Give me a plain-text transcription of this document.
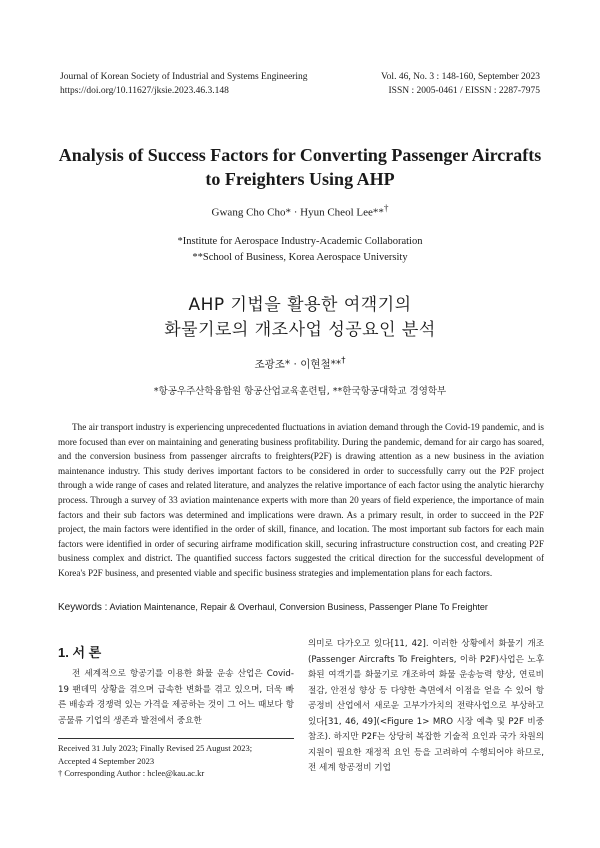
Journal of Korean Society of Industrial and Systems Engineering
https://doi.org/10.11627/jksie.2023.46.3.148
Vol. 46, No. 3 : 148-160, September 2023
ISSN : 2005-0461 / EISSN : 2287-7975
Analysis of Success Factors for Converting Passenger Aircrafts
to Freighters Using AHP
Gwang Cho Cho* · Hyun Cheol Lee**†
*Institute for Aerospace Industry-Academic Collaboration
**School of Business, Korea Aerospace University
AHP 기법을 활용한 여객기의
화물기로의 개조사업 성공요인 분석
조광조* · 이현철**†
*항공우주산학융합원 항공산업교육훈련팀, **한국항공대학교 경영학부
The air transport industry is experiencing unprecedented fluctuations in aviation demand through the Covid-19 pandemic, and is more focused than ever on maintaining and generating business profitability. During the pandemic, demand for air cargo has soared, and the conversion business from passenger aircrafts to freighters(P2F) is drawing attention as a new business in the aviation maintenance industry. This study derives important factors to be considered in order to successfully carry out the P2F project through a wide range of cases and related literature, and analyzes the relative importance of each factor using the analytic hierarchy process. Through a survey of 33 aviation maintenance experts with more than 20 years of field experience, the importance of main factors and their sub factors was determined and implications were drawn. As a primary result, in order to succeed in the P2F project, the main factors were identified in the order of skill, finance, and location. The most important sub factors for each main factors were identified in order of securing airframe modification skill, securing infrastructure construction cost, and creating P2F business complex and district. The quantified success factors suggested the critical direction for the successful development of Korea's P2F business, and presented viable and specific business strategies and implementation plans for each factors.
Keywords : Aviation Maintenance, Repair & Overhaul, Conversion Business, Passenger Plane To Freighter
1. 서 론
전 세계적으로 항공기를 이용한 화물 운송 산업은 Covid-19 팬데믹 상황을 겪으며 급속한 변화를 겪고 있으며, 더욱 빠른 배송과 경쟁력 있는 가격을 제공하는 것이 그 어느 때보다 항공물류 기업의 생존과 발전에서 중요한
의미로 다가오고 있다[11, 42]. 이러한 상황에서 화물기 개조(Passenger Aircrafts To Freighters, 이하 P2F)사업은 노후화된 여객기를 화물기로 개조하여 화물 운송능력 향상, 연료비 절감, 안전성 향상 등 다양한 측면에서 이점을 얻을 수 있어 항공정비 산업에서 새로운 고부가가치의 전략사업으로 부상하고 있다[31, 46, 49](<Figure 1> MRO 시장 예측 및 P2F 비중 참조). 하지만 P2F는 상당히 복잡한 기술적 요인과 국가 차원의 지원이 필요한 재정적 요인 등을 고려하여 수행되어야 하므로, 전 세계 항공정비 기업
Received 31 July 2023; Finally Revised 25 August 2023;
Accepted 4 September 2023
† Corresponding Author : hclee@kau.ac.kr
